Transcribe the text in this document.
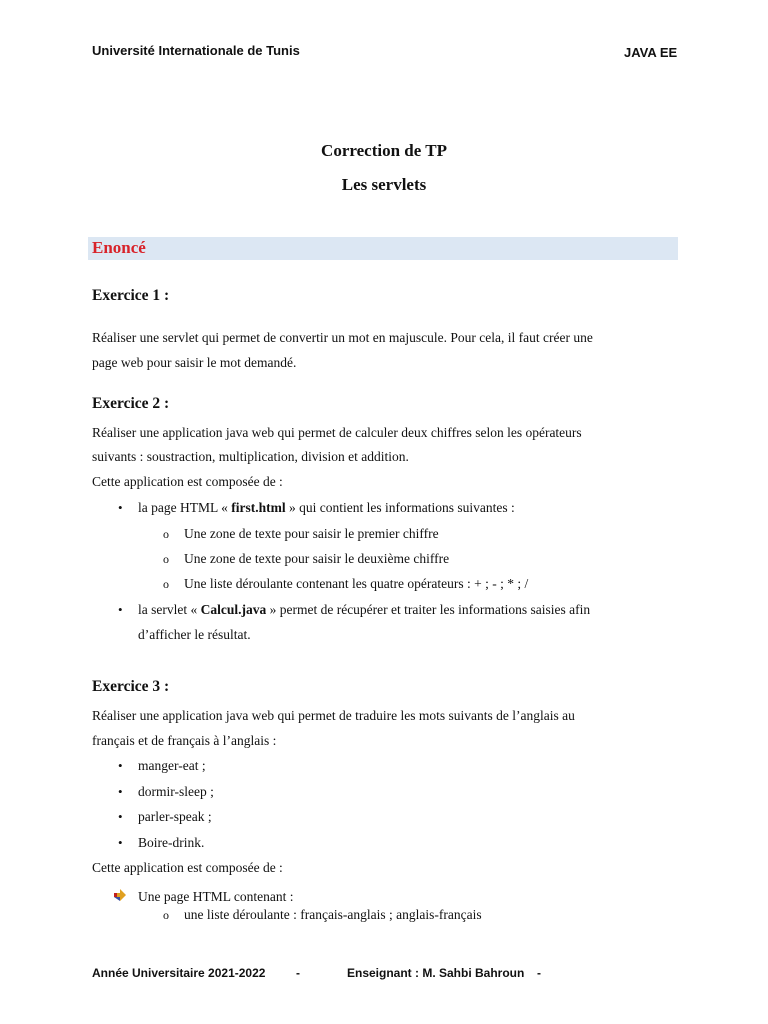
Université Internationale de Tunis	JAVA EE
Correction de TP
Les servlets
Enoncé
Exercice 1 :
Réaliser une servlet qui permet de convertir un mot en majuscule. Pour cela, il faut créer une
page web pour saisir le mot demandé.
Exercice 2 :
Réaliser une application java web qui permet de calculer deux chiffres selon les opérateurs
suivants : soustraction, multiplication, division et addition.
Cette application est composée de :
• la page HTML « first.html » qui contient les informations suivantes :
o Une zone de texte pour saisir le premier chiffre
o Une zone de texte pour saisir le deuxième chiffre
o Une liste déroulante contenant les quatre opérateurs : + ; - ; * ; /
• la servlet « Calcul.java » permet de récupérer et traiter les informations saisies afin
d’afficher le résultat.
Exercice 3 :
Réaliser une application java web qui permet de traduire les mots suivants de l’anglais au
français et de français à l’anglais :
• manger-eat ;
• dormir-sleep ;
• parler-speak ;
• Boire-drink.
Cette application est composée de :
Une page HTML contenant :
o une liste déroulante : français-anglais ; anglais-français
Année Universitaire 2021-2022	-	Enseignant : M. Sahbi Bahroun -
